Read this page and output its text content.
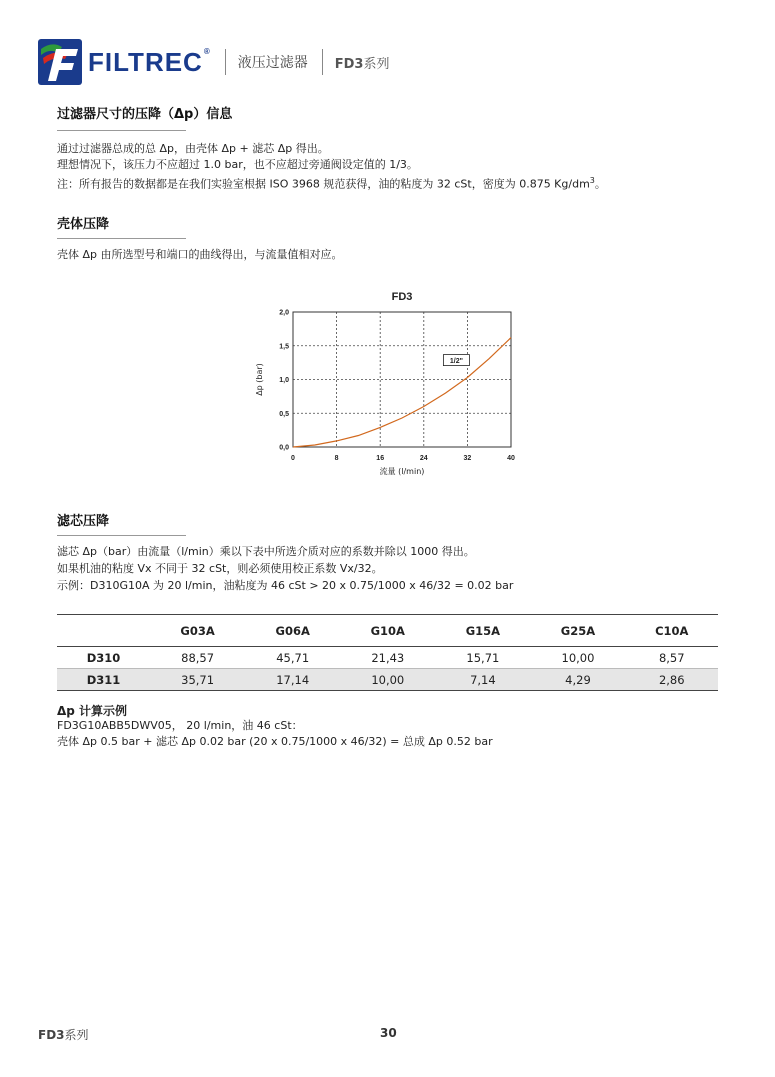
FILTREC®
液压过滤器 FD3系列
过滤器尺寸的压降（Δp）信息
通过过滤器总成的总 Δp，由壳体 Δp + 滤芯 Δp 得出。
理想情况下，该压力不应超过 1.0 bar，也不应超过旁通阀设定值的 1/3。
注：所有报告的数据都是在我们实验室根据 ISO 3968 规范获得，油的粘度为 32 cSt，密度为 0.875 $Kg/dm^3$。
壳体压降
壳体 Δp 由所选型号和端口的曲线得出，与流量值相对应。
FD3
0	8	16	24	32	40
0,0
0,5
1,0
1,5
2,0
流量 (l/min)
Δp (bar)
1/2"
滤芯压降
滤芯 Δp（bar）由流量（l/min）乘以下表中所选介质对应的系数并除以 1000 得出。
如果机油的粘度 Vx 不同于 32 cSt，则必须使用校正系数 Vx/32。
示例：D310G10A 为 20 l/min，油粘度为 46 cSt > 20 x 0.75/1000 x 46/32 = 0.02 bar
	G03A	G06A	G10A	G15A	G25A	C10A
D310	88,57	45,71	21,43	15,71	10,00	8,57
D311	35,71	17,14	10,00	7,14	4,29	2,86
Δp 计算示例
FD3G10ABB5DWV05， 20 l/min，油 46 cSt：
壳体 Δp 0.5 bar + 滤芯 Δp 0.02 bar (20 x 0.75/1000 x 46/32) = 总成 Δp 0.52 bar
FD3系列	30
